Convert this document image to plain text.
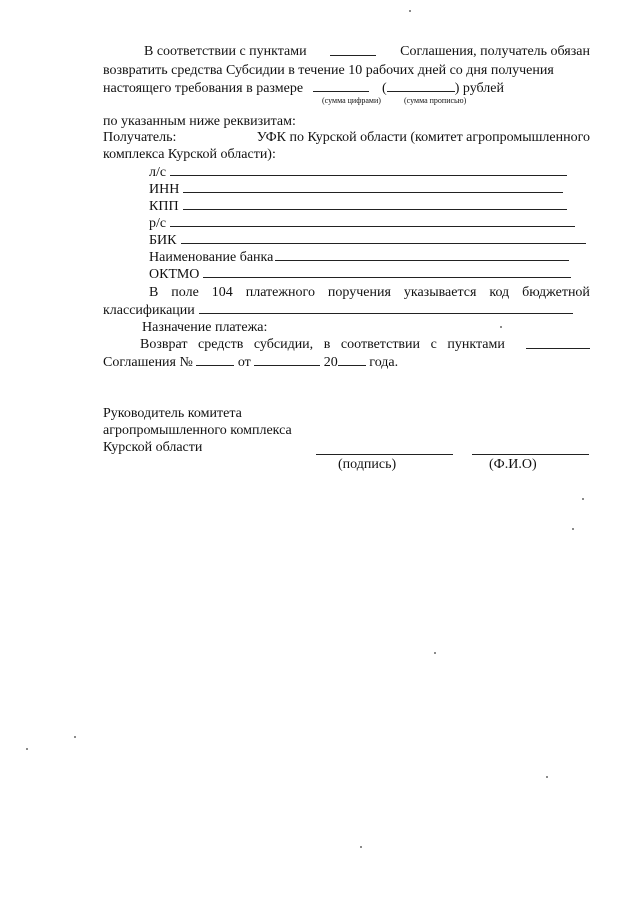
В соответствии с пунктами	Соглашения, получатель обязан
возвратить средства Субсидии в течение 10 рабочих дней со дня получения
настоящего требования в размере	(	) рублей
(сумма цифрами)	(сумма прописью)
по указанным ниже реквизитам:
Получатель:	УФК по Курской области (комитет агропромышленного
комплекса Курской области):
л/с
ИНН
КПП
р/с
БИК
Наименование банка
ОКТМО
В поле 104 платежного поручения указывается код бюджетной
классификации
Назначение платежа:
Возврат средств субсидии, в соответствии с пунктами
Соглашения №	от	20 года.
Руководитель комитета
агропромышленного комплекса
Курской области
(подпись)	(Ф.И.О)
